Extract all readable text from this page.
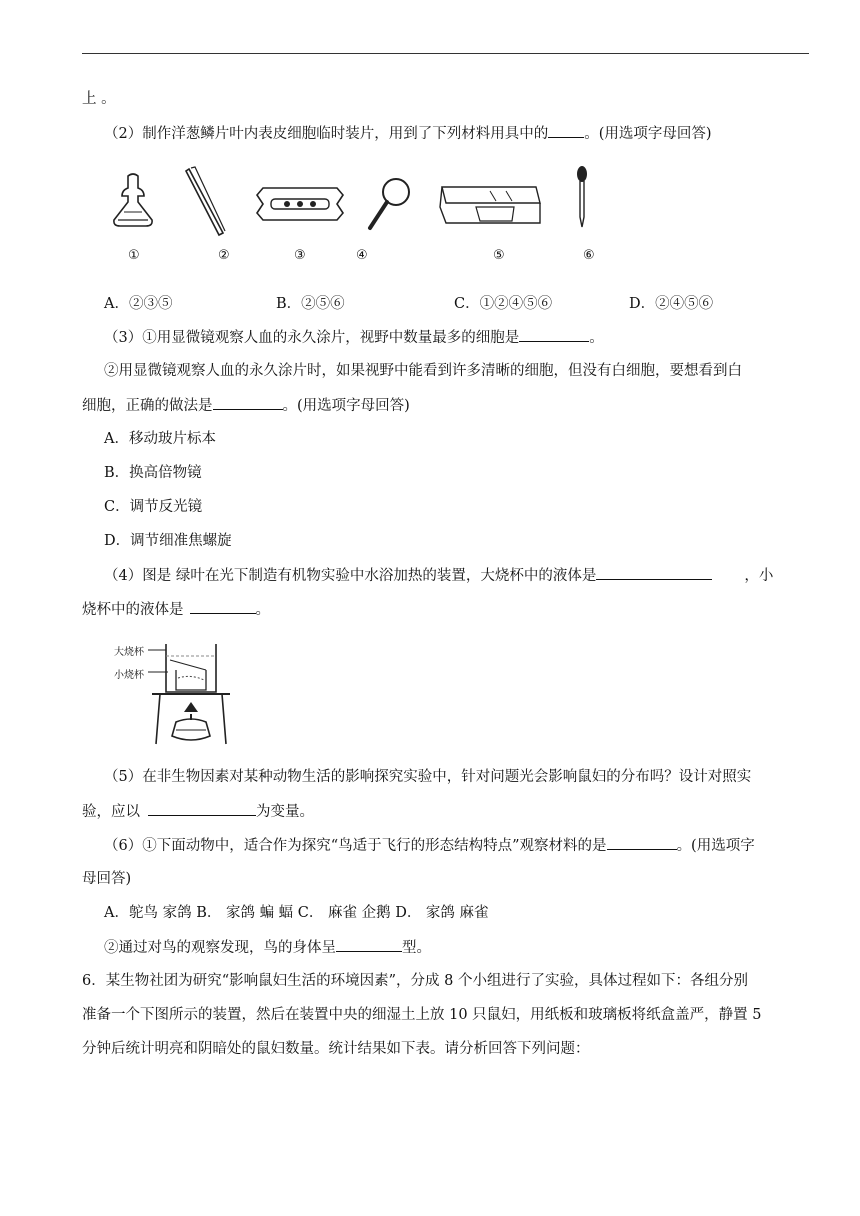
上 。
（2）制作洋葱鳞片叶内表皮细胞临时装片，用到了下列材料用具中的 。(用选项字母回答)
①	②	③	④	⑤	⑥
A．②③⑤	B．②⑤⑥	C．①②④⑤⑥	D．②④⑤⑥
（3）①用显微镜观察人血的永久涂片，视野中数量最多的细胞是	。
②用显微镜观察人血的永久涂片时，如果视野中能看到许多清晰的细胞，但没有白细胞，要想看到白
细胞，正确的做法是	。(用选项字母回答)
A．移动玻片标本
B．换高倍物镜
C．调节反光镜
D．调节细准焦螺旋
（4）图是 绿叶在光下制造有机物实验中水浴加热的装置，大烧杯中的液体是	，小
烧杯中的液体是	。
大烧杯
小烧杯
（5）在非生物因素对某种动物生活的影响探究实验中，针对问题光会影响鼠妇的分布吗？设计对照实
验，应以	为变量。
（6）①下面动物中，适合作为探究“鸟适于飞行的形态结构特点”观察材料的是	。(用选项字
母回答)
A．鸵鸟 家鸽 B． 家鸽 蝙 蝠 C． 麻雀 企鹅 D． 家鸽 麻雀
②通过对鸟的观察发现，鸟的身体呈	型。
6．某生物社团为研究“影响鼠妇生活的环境因素”，分成 8 个小组进行了实验，具体过程如下：各组分别
准备一个下图所示的装置，然后在装置中央的细湿土上放 10 只鼠妇，用纸板和玻璃板将纸盒盖严，静置 5
分钟后统计明亮和阴暗处的鼠妇数量。统计结果如下表。请分析回答下列问题：
